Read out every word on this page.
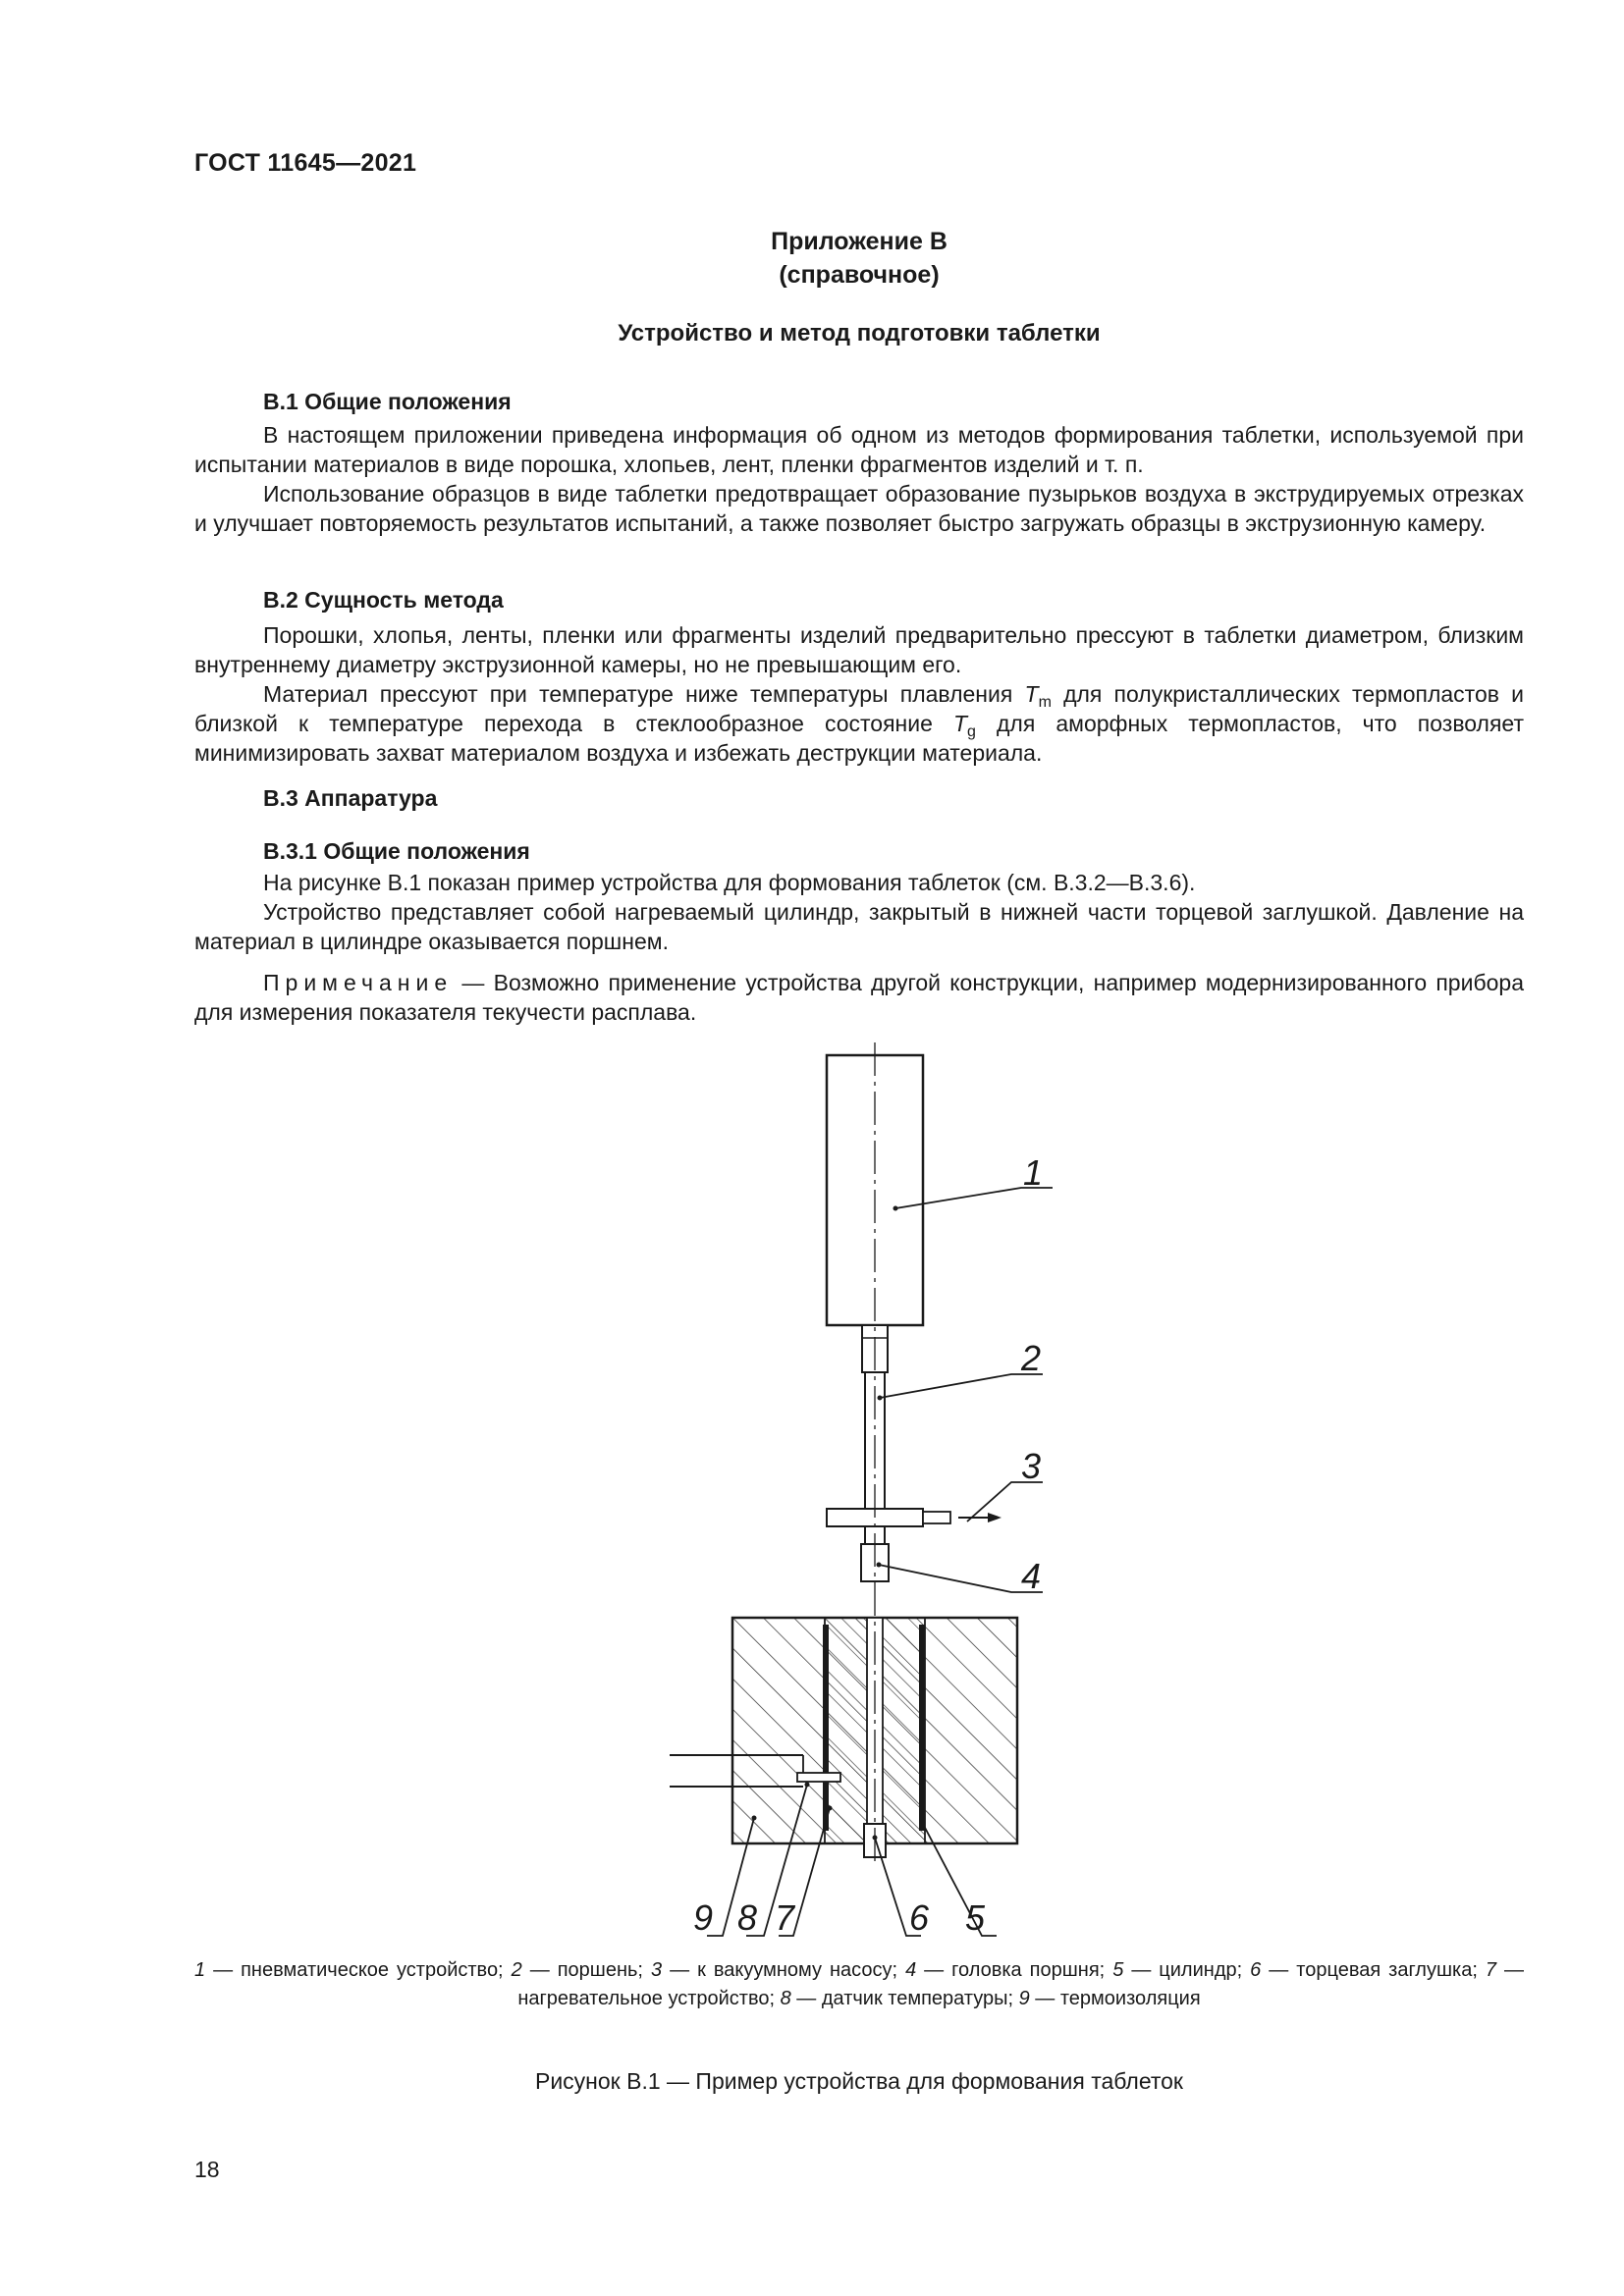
ГОСТ 11645—2021
Приложение В
(справочное)
Устройство и метод подготовки таблетки
В.1 Общие положения

В настоящем приложении приведена информация об одном из методов формирования таблетки, используемой при испытании материалов в виде порошка, хлопьев, лент, пленки фрагментов изделий и т. п.

Использование образцов в виде таблетки предотвращает образование пузырьков воздуха в экструдируемых отрезках и улучшает повторяемость результатов испытаний, а также позволяет быстро загружать образцы в экструзионную камеру.

В.2 Сущность метода

Порошки, хлопья, ленты, пленки или фрагменты изделий предварительно прессуют в таблетки диаметром, близким внутреннему диаметру экструзионной камеры, но не превышающим его.

Материал прессуют при температуре ниже температуры плавления $T_m$ для полукристаллических термопластов и близкой к температуре перехода в стеклообразное состояние $T_g$ для аморфных термопластов, что позволяет минимизировать захват материалом воздуха и избежать деструкции материала.

В.3 Аппаратура
В.3.1 Общие положения

На рисунке В.1 показан пример устройства для формования таблеток (см. В.3.2—В.3.6).

Устройство представляет собой нагреваемый цилиндр, закрытый в нижней части торцевой заглушкой. Давление на материал в цилиндре оказывается поршнем.

Примечание — Возможно применение устройства другой конструкции, например модернизированного прибора для измерения показателя текучести расплава.

1
2
3
4
5
6
7
8
9
1 — пневматическое устройство; 2 — поршень; 3 — к вакуумному насосу; 4 — головка поршня; 5 — цилиндр; 6 — торцевая заглушка; 7 — нагревательное устройство; 8 — датчик температуры; 9 — термоизоляция
Рисунок В.1 — Пример устройства для формования таблеток
18
